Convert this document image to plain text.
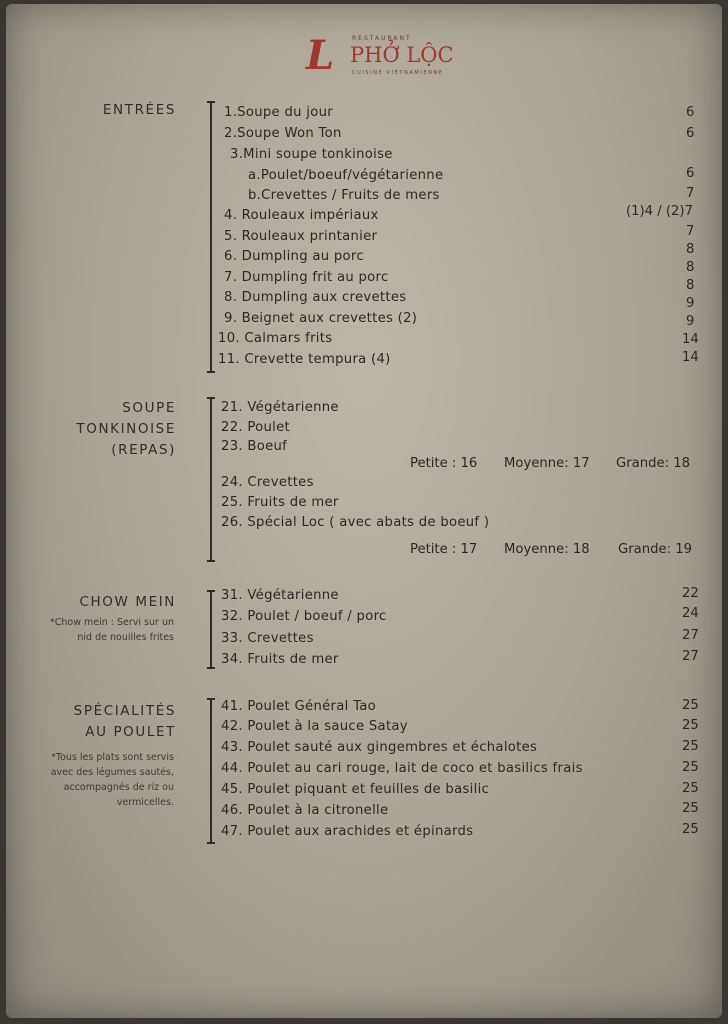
L	RESTAURANT
PHỞ LỘC
CUISINE VIETNAMIENNE
ENTRÉES	1.Soupe du jour
2.Soupe Won Ton
3.Mini soupe tonkinoise
a.Poulet/boeuf/végétarienne
b.Crevettes / Fruits de mers
4. Rouleaux impériaux
5. Rouleaux printanier
6. Dumpling au porc
7. Dumpling frit au porc
8. Dumpling aux crevettes
9. Beignet aux crevettes (2)
10. Calmars frits
11. Crevette tempura (4)
6
6
6
7
(1)4 / (2)7
7
8
8
8
9
9
14
14
SOUPE
TONKINOISE
(REPAS)
21. Végétarienne
22. Poulet
23. Boeuf
Petite : 16 Moyenne: 17 Grande: 18
24. Crevettes
25. Fruits de mer
26. Spécial Loc ( avec abats de boeuf )
Petite : 17 Moyenne: 18 Grande: 19
CHOW MEIN
*Chow mein : Servi sur un
nid de nouilles frites
31. Végétarienne
32. Poulet / boeuf / porc
33. Crevettes
34. Fruits de mer
22
24
27
27
SPÉCIALITÉS
AU POULET
*Tous les plats sont servis
avec des légumes sautés,
accompagnés de riz ou
vermicelles.
41. Poulet Général Tao
42. Poulet à la sauce Satay
43. Poulet sauté aux gingembres et échalotes
44. Poulet au cari rouge, lait de coco et basilics frais
45. Poulet piquant et feuilles de basilic
46. Poulet à la citronelle
47. Poulet aux arachides et épinards
25
25
25
25
25
25
25
